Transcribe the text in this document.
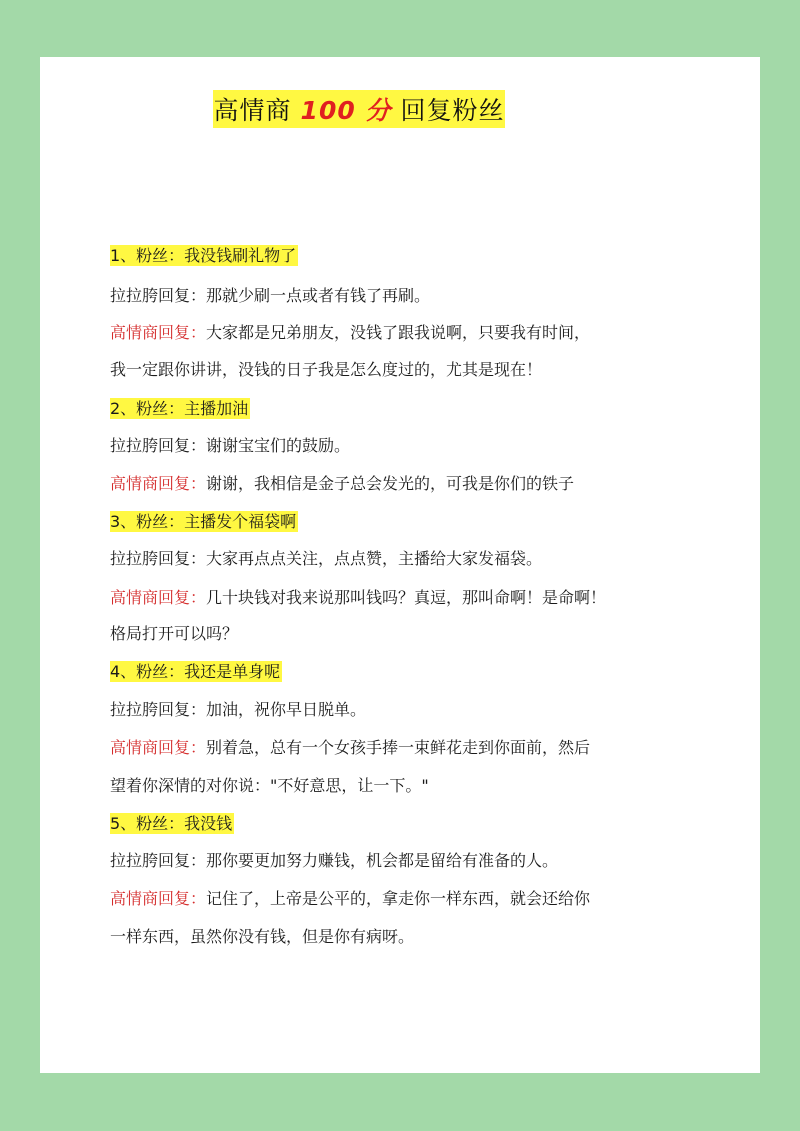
高情商 100 分 回复粉丝
1、粉丝：我没钱刷礼物了
拉拉胯回复：那就少刷一点或者有钱了再刷。
高情商回复：大家都是兄弟朋友，没钱了跟我说啊，只要我有时间，
我一定跟你讲讲，没钱的日子我是怎么度过的，尤其是现在！
2、粉丝：主播加油
拉拉胯回复：谢谢宝宝们的鼓励。
高情商回复：谢谢，我相信是金子总会发光的，可我是你们的铁子
3、粉丝：主播发个福袋啊
拉拉胯回复：大家再点点关注，点点赞，主播给大家发福袋。
高情商回复：几十块钱对我来说那叫钱吗？真逗，那叫命啊！是命啊！
格局打开可以吗？
4、粉丝：我还是单身呢
拉拉胯回复：加油，祝你早日脱单。
高情商回复：别着急，总有一个女孩手捧一束鲜花走到你面前，然后
望着你深情的对你说："不好意思，让一下。"
5、粉丝：我没钱
拉拉胯回复：那你要更加努力赚钱，机会都是留给有准备的人。
高情商回复：记住了，上帝是公平的，拿走你一样东西，就会还给你
一样东西，虽然你没有钱，但是你有病呀。
